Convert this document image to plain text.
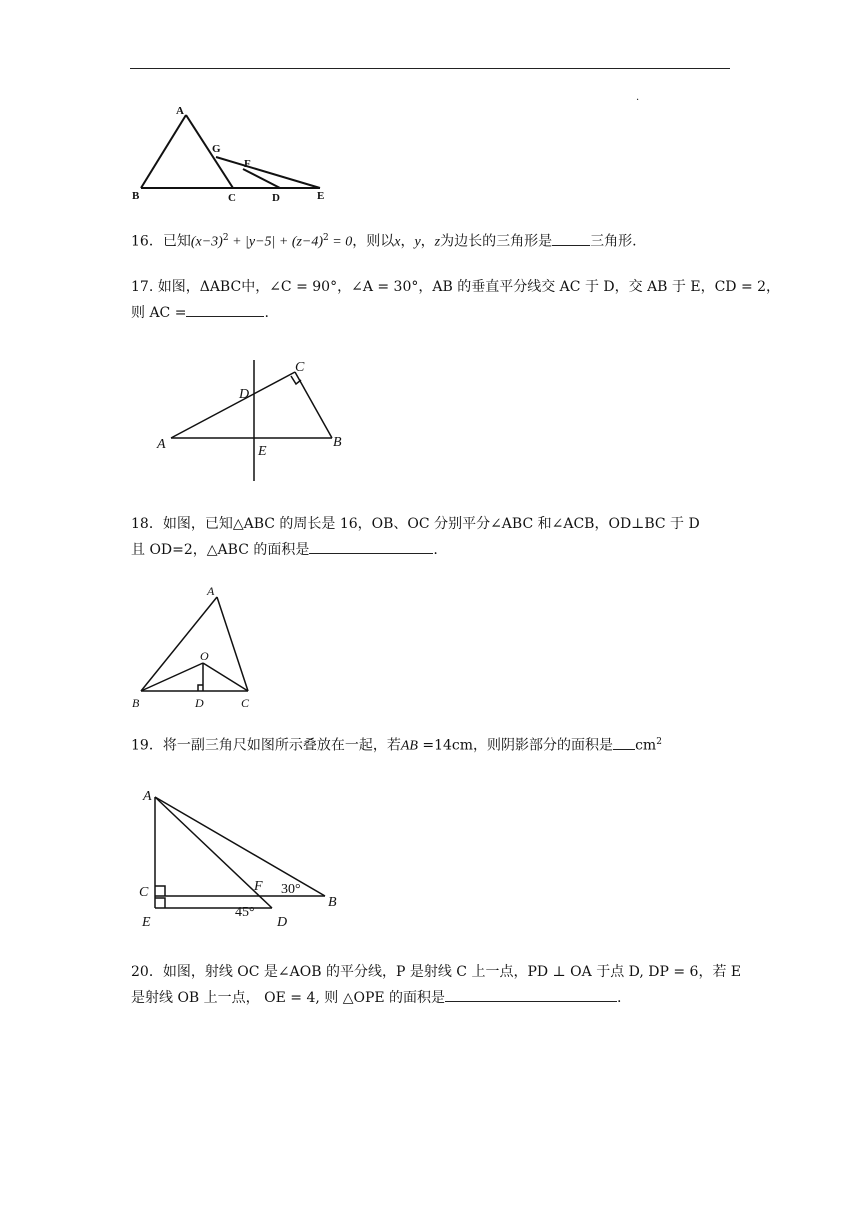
.
A
B	C	D	E
F
G
16．已知$(x-3)^2 + |y-5| + (z-4)^2 = 0$，则以x，y，z为边长的三角形是	三角形.
17. 如图，ΔABC中，∠C = 90°，∠A = 30°，AB 的垂直平分线交 AC 于 D，交 AB 于 E，CD = 2，
则 AC =	.
A	B
C
D
E
18．如图，已知△ABC 的周长是 16，OB、OC 分别平分∠ABC 和∠ACB，OD⊥BC 于 D
且 OD=2，△ABC 的面积是	.
A
B	C
D
O
19．将一副三角尺如图所示叠放在一起，若AB =14cm，则阴影部分的面积是 $cm^2$
A
B
C
D
E
F 30°
45°
20．如图，射线 OC 是∠AOB 的平分线，P 是射线 C 上一点，PD ⊥ OA 于点 D, DP = 6，若 E
是射线 OB 上一点， OE = 4, 则 △OPE 的面积是	.
